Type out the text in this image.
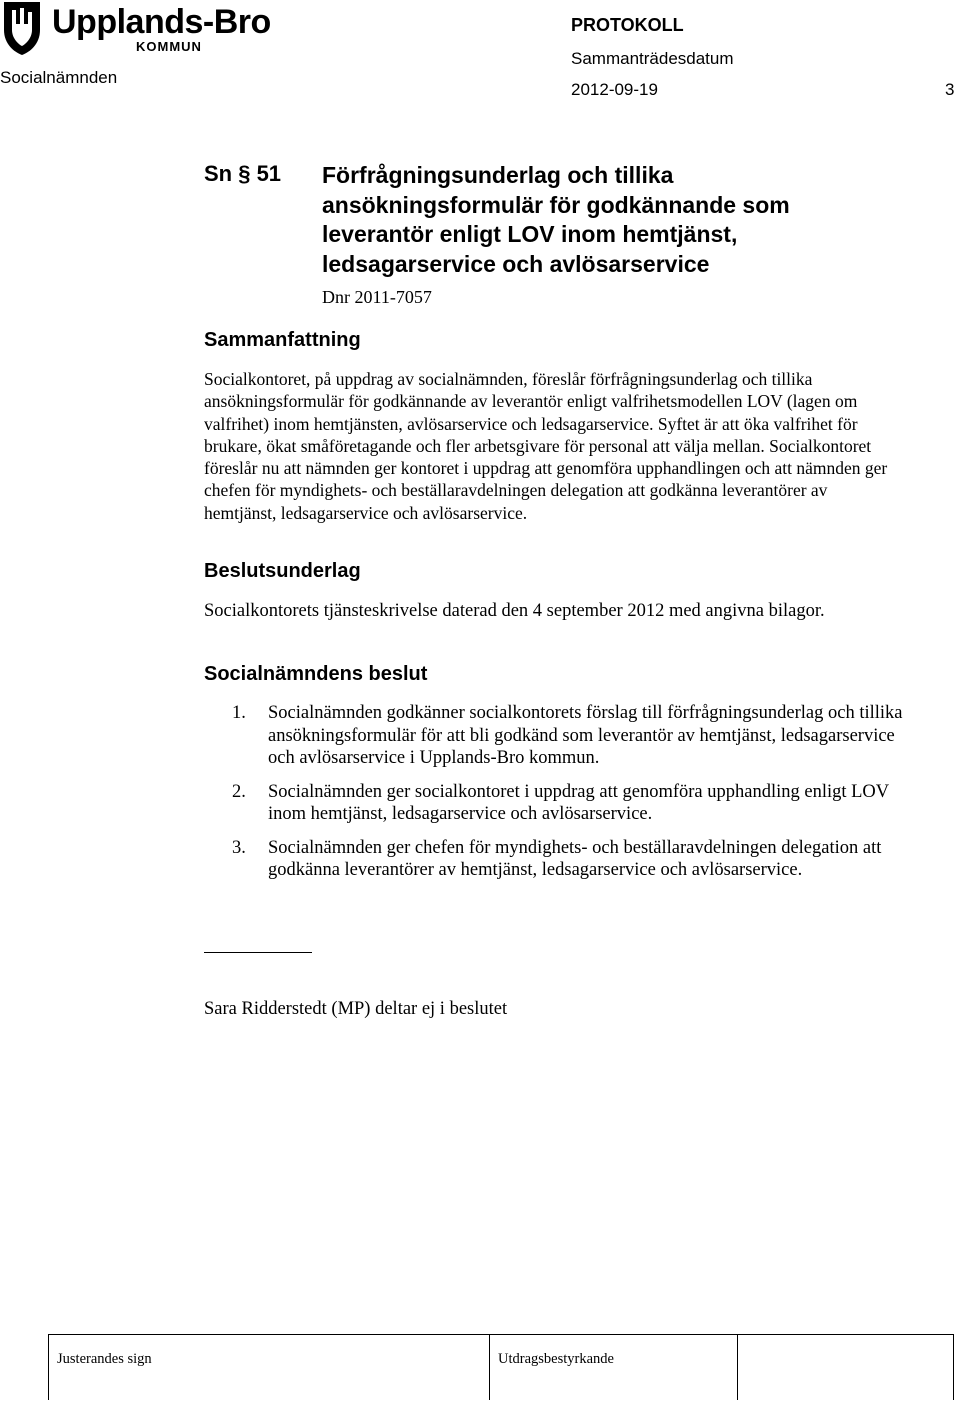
Upplands-Bro
KOMMUN
Socialnämnden
PROTOKOLL
Sammanträdesdatum
2012-09-19	3
Sn § 51 Förfrågningsunderlag och tillika ansökningsformulär för godkännande som leverantör enligt LOV inom hemtjänst, ledsagarservice och avlösarservice
Dnr 2011-7057
Sammanfattning

Socialkontoret, på uppdrag av socialnämnden, föreslår förfrågningsunderlag och tillika ansökningsformulär för godkännande av leverantör enligt valfrihetsmodellen LOV (lagen om valfrihet) inom hemtjänsten, avlösarservice och ledsagarservice. Syftet är att öka valfrihet för brukare, ökat småföretagande och fler arbetsgivare för personal att välja mellan. Socialkontoret föreslår nu att nämnden ger kontoret i uppdrag att genomföra upphandlingen och att nämnden ger chefen för myndighets- och beställaravdelningen delegation att godkänna leverantörer av hemtjänst, ledsagarservice och avlösarservice.

Beslutsunderlag

Socialkontorets tjänsteskrivelse daterad den 4 september 2012 med angivna bilagor.

Socialnämndens beslut
1. Socialnämnden godkänner socialkontorets förslag till förfrågningsunderlag och tillika ansökningsformulär för att bli godkänd som leverantör av hemtjänst, ledsagarservice och avlösarservice i Upplands-Bro kommun.
2. Socialnämnden ger socialkontoret i uppdrag att genomföra upphandling enligt LOV inom hemtjänst, ledsagarservice och avlösarservice.
3. Socialnämnden ger chefen för myndighets- och beställaravdelningen delegation att godkänna leverantörer av hemtjänst, ledsagarservice och avlösarservice.
Sara Ridderstedt (MP) deltar ej i beslutet
Justerandes sign	Utdragsbestyrkande
